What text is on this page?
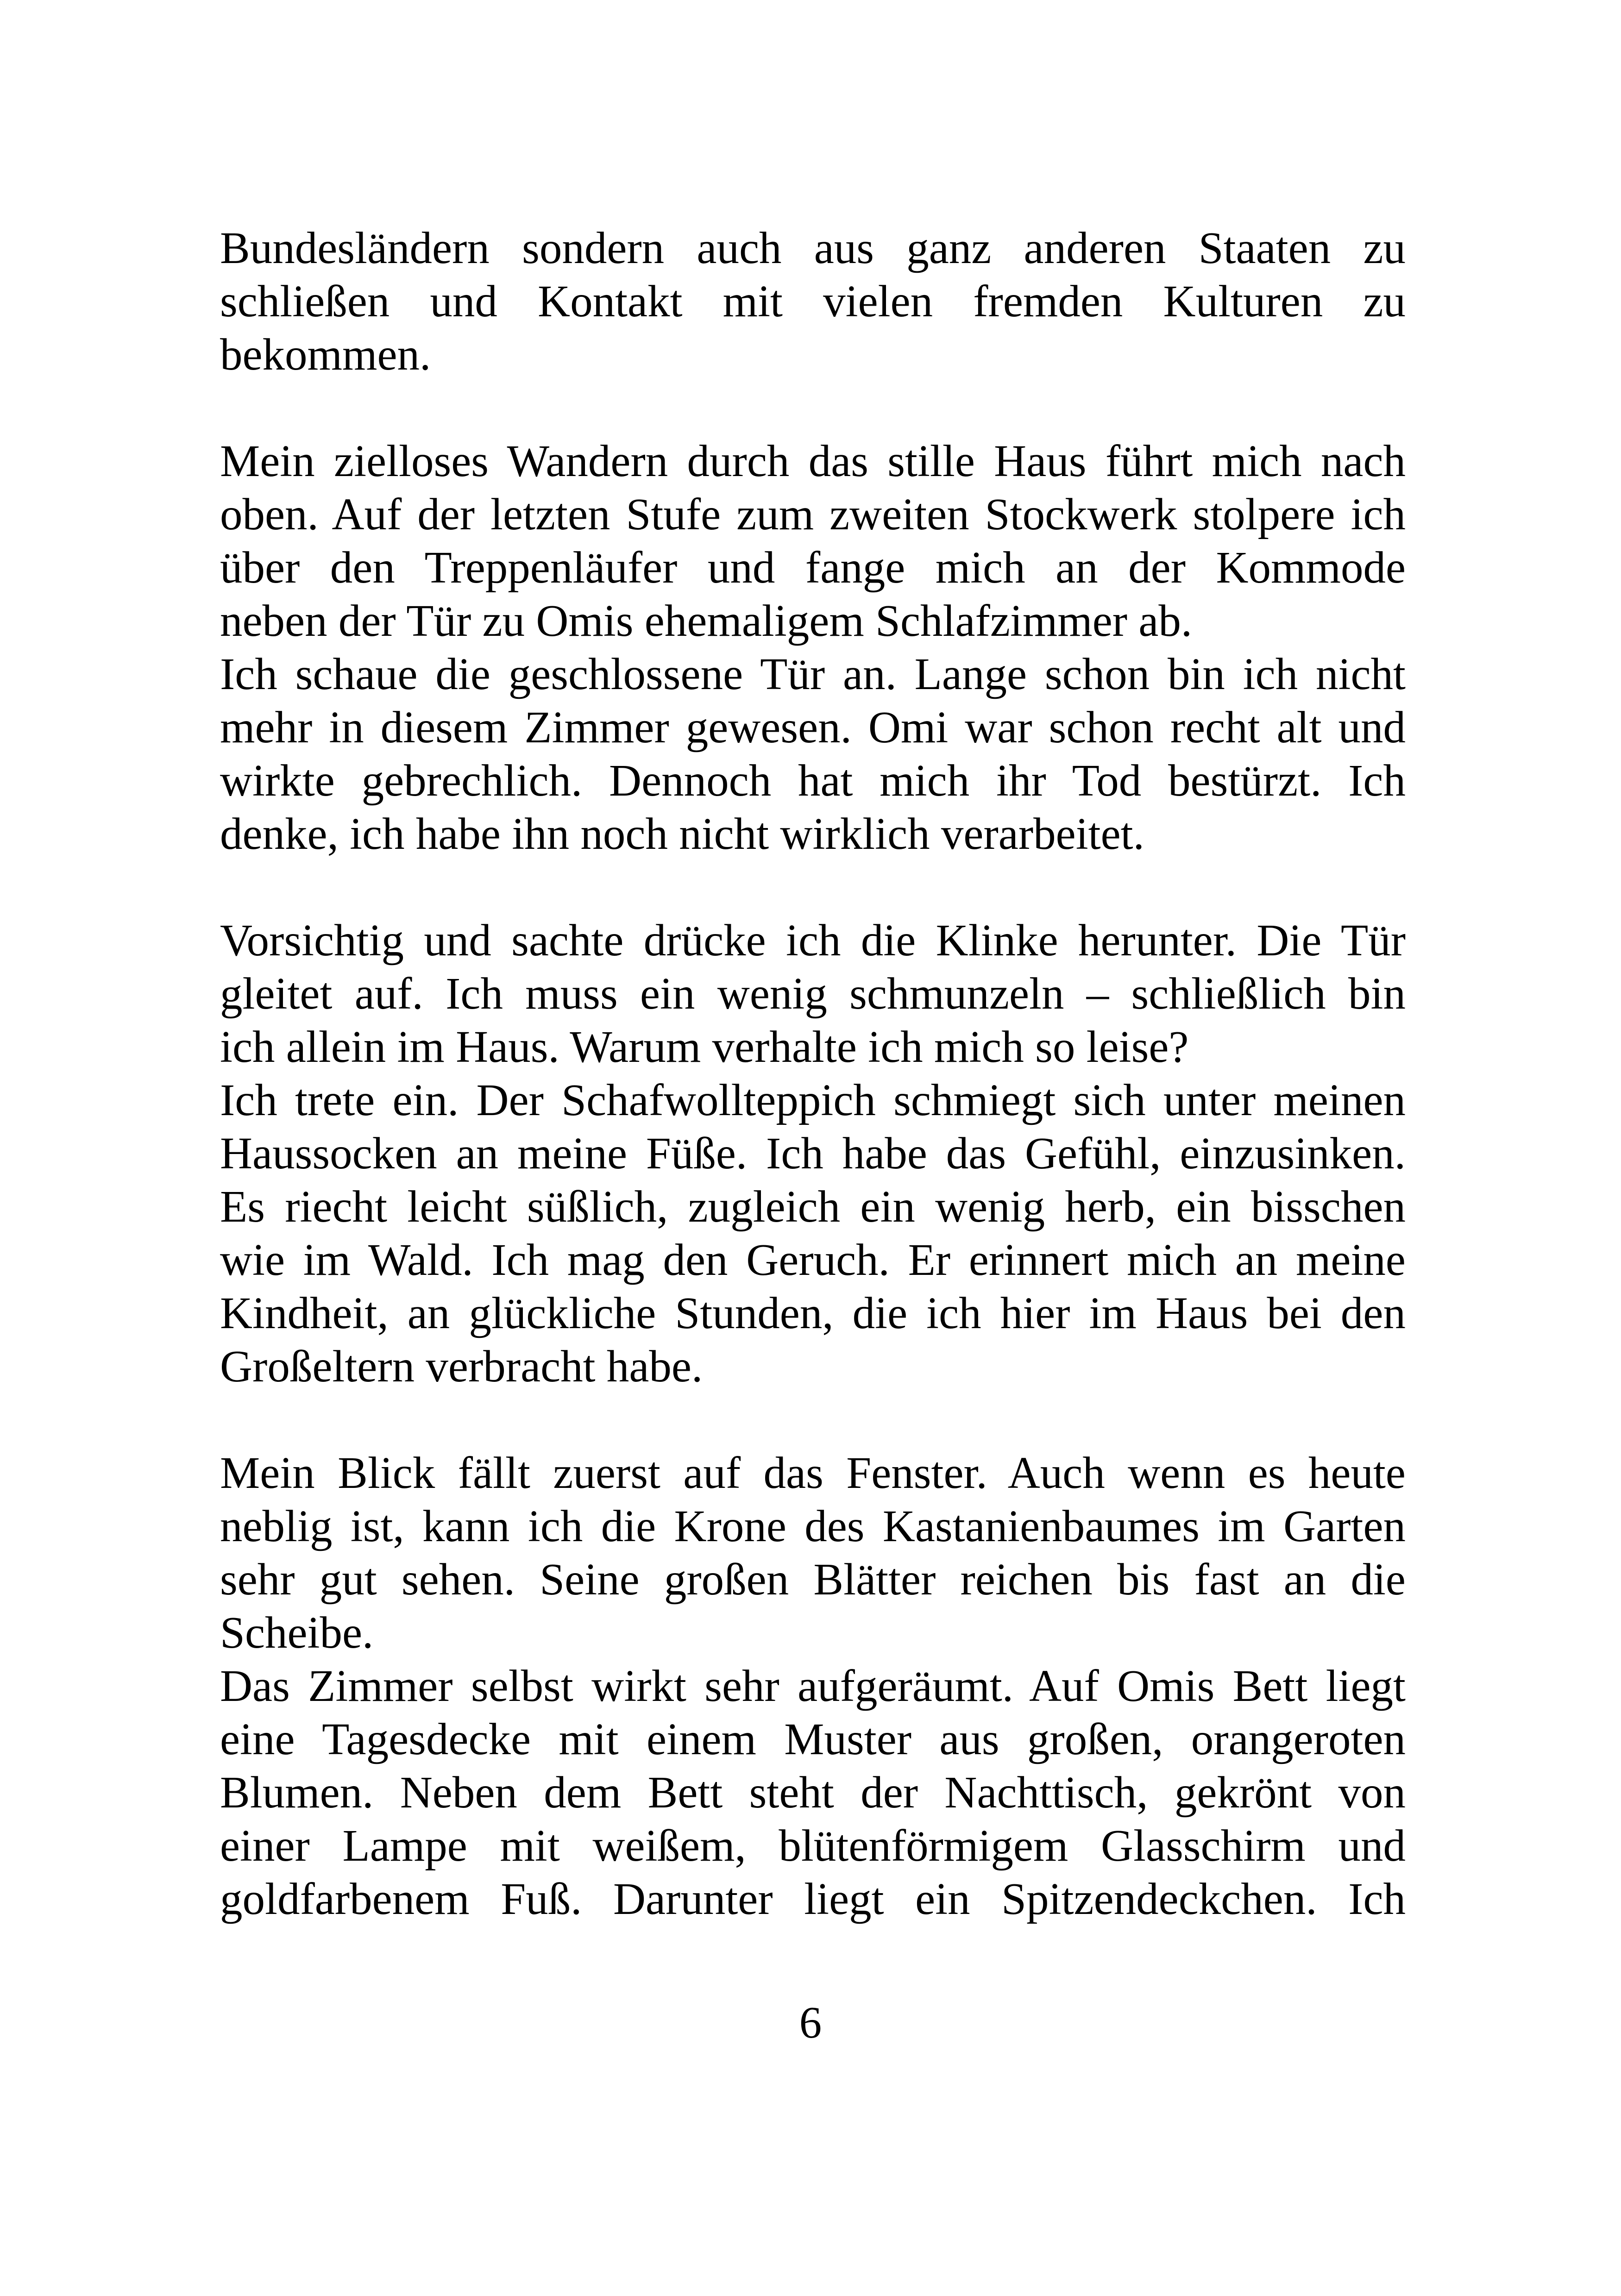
Bundesländern sondern auch aus ganz anderen Staaten zu
schließen und Kontakt mit vielen fremden Kulturen zu
bekommen.
Mein zielloses Wandern durch das stille Haus führt mich nach
oben. Auf der letzten Stufe zum zweiten Stockwerk stolpere ich
über den Treppenläufer und fange mich an der Kommode
neben der Tür zu Omis ehemaligem Schlafzimmer ab.
Ich schaue die geschlossene Tür an. Lange schon bin ich nicht
mehr in diesem Zimmer gewesen. Omi war schon recht alt und
wirkte gebrechlich. Dennoch hat mich ihr Tod bestürzt. Ich
denke, ich habe ihn noch nicht wirklich verarbeitet.
Vorsichtig und sachte drücke ich die Klinke herunter. Die Tür
gleitet auf. Ich muss ein wenig schmunzeln – schließlich bin
ich allein im Haus. Warum verhalte ich mich so leise?
Ich trete ein. Der Schafwollteppich schmiegt sich unter meinen
Haussocken an meine Füße. Ich habe das Gefühl, einzusinken.
Es riecht leicht süßlich, zugleich ein wenig herb, ein bisschen
wie im Wald. Ich mag den Geruch. Er erinnert mich an meine
Kindheit, an glückliche Stunden, die ich hier im Haus bei den
Großeltern verbracht habe.
Mein Blick fällt zuerst auf das Fenster. Auch wenn es heute
neblig ist, kann ich die Krone des Kastanienbaumes im Garten
sehr gut sehen. Seine großen Blätter reichen bis fast an die
Scheibe.
Das Zimmer selbst wirkt sehr aufgeräumt. Auf Omis Bett liegt
eine Tagesdecke mit einem Muster aus großen, orangeroten
Blumen. Neben dem Bett steht der Nachttisch, gekrönt von
einer Lampe mit weißem, blütenförmigem Glasschirm und
goldfarbenem Fuß. Darunter liegt ein Spitzendeckchen. Ich
6
